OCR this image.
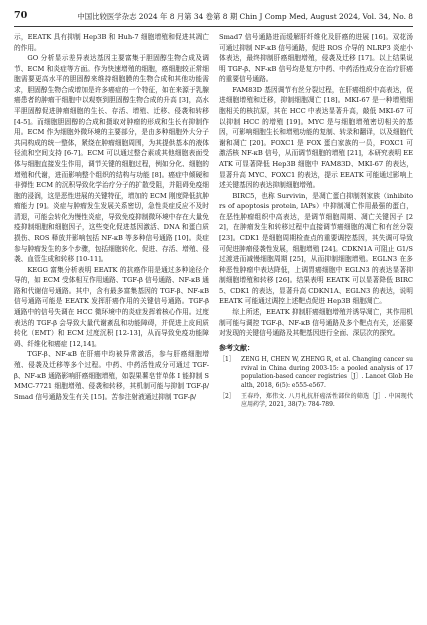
70	中国比较医学杂志 2024 年 8 月第 34 卷第 8 期 Chin J Comp Med, August 2024, Vol. 34, No. 8

示，EEATK 具有抑制 Hep3B 和 Huh-7 细胞增殖和促进其凋亡的作用。

GO 分析显示差异表达基因主要富集于胆固醇生物合成及调节、ECM 和炎症等方面。作为快速增殖的细胞，癌细胞较正常细胞需要更高水平的胆固醇来维持细胞膜的生物合成和其他功能需求，胆固醇生物合成增加是许多癌症的一个特征，如在来源于乳腺癌患者的肿瘤干细胞中以观察到胆固醇生物合成的升高 [3]，高水平胆固醇促进肿瘤细胞的生长、存活、增殖、迁移、侵袭和转移 [4-5]。而细胞胆固醇的合成和摄取对肿瘤的形成和生长有抑制作用。ECM 作为细胞外微环境的主要部分，是由多种细胞外大分子共同构成的统一整体，紧绕在肿瘤细胞周围，为其提供基本的液体径流和空间支持 [6-7]。ECM 可以通过整合素或其他细胞表面受体与细胞直接发生作用，调节关键的细胞过程，例如分化、细胞的增殖和代谢，进而影响整个组织的结构与功能 [8]。癌症中倾硬和非弹性 ECM 的沉积导致化学治疗分子的扩散受阻，并阻碍免疫细胞的浸润，这是恶性进展的关键特征，增加的 ECM 刚度降低抗肿瘤能力 [9]。炎症与肿瘤发生发展关系密切，急性炎症反应不及时清退，可能会转化为慢性炎症，导致免疫抑制微环境中存在大量免疫抑制细胞和细胞因子，这些变化促进基因激活、DNA 和蛋白质损伤、ROS 释放并影响包括 NF-κB 等多种信号通路 [10]。炎症参与肿瘤发生的多个步骤，包括细胞转化、促进、存活、增殖、侵袭、血管生成和转移 [10-11]。

KEGG 富集分析表明 EEATK 的抗癌作用是通过多种途径介导的，如 ECM 受体相互作用通路、TGF-β 信号通路、NF-κB 通路和代谢信号通路。其中，含有最多富集基因的 TGF-β、NF-κB 信号通路可能是 EEATK 发挥肝癌作用的关键信号通路。TGF-β 通路中的信号失调在 HCC 微环境中的炎症发挥着核心作用。过度表达的 TGF-β 会导致大量代谢紊乱和功能障碍，并促进上皮间质转化（EMT）和 ECM 过度沉积 [12-13]，从而导致免疫功能障碍、纤维化和癌症 [12,14]。

TGF-β、NF-κB 在肝癌中均被异常激活，参与肝癌细胞增殖、侵袭及迁移等多个过程。中药、中药活性成分可通过 TGF-β、NF-κB 通路影响肝癌细胞增殖，如裂果薯皂苷单体 I 能抑制 SMMC-7721 细胞增殖、侵袭和转移，其机制可能与抑制 TGF-β/Smad 信号通路发生有关 [15]。苦参注射液通过抑制 TGF-β/

Smad7 信号通路进而缓解肝纤维化及肝癌的进展 [16]。双花汤可通过抑制 NF-κB 信号通路，促进 ROS 介导的 NLRP3 炎症小体表达，最终抑制肝癌细胞增殖，侵袭及迁移 [17]。以上结果说明 TGF-β、NF-κB 信号均是复方中药、中药活性成分在治疗肝癌的重要信号通路。

FAM83D 基因调节有丝分裂过程，在肝癌组织中高表达，促进细胞增殖和迁移，抑制细胞凋亡 [18]。MKI-67 是一种增殖细胞相关的核抗原，其在 HCC 中表达显著升高，敲低 MKI-67 可以抑制 HCC 的增殖 [19]。MYC 是与细胞增殖密切相关的基因，可影响细胞生长和增殖功能的复制、转录和翻译，以及细胞代谢和凋亡 [20]。FOXC1 是 FOX 蛋白家族的一员，FOXC1 可激活核 NF-κB 信号，从而调节细胞的增殖 [21]，本研究表明 EEATK 可显著降低 Hep3B 细胞中 FAM83D、MKI-67 的表达，显著升高 MYC、FOXC1 的表达，提示 EEATK 可能通过影响上述关键基因的表达抑制细胞增殖。

BIRC5，也称 Survivin，是凋亡蛋白抑制剂家族（inhibitors of apoptosis protein, IAPs）中抑制凋亡作用最强的蛋白，在恶性肿瘤组织中高表达，是调节细胞周期、凋亡关键因子 [22]，在肿瘤发生和转移过程中直接调节癌细胞的凋亡和有丝分裂 [23]。CDK1 是细胞周期检查点的重要调控基因，其失调可导致可促进肿瘤侵袭性发展，细胞增殖 [24]。CDKN1A 可阻止 G1/S 过渡进而减慢细胞周期 [25]，从而抑制细胞增殖。EGLN3 在多种恶性肿瘤中表达降低，上调胃癌细胞中 EGLN3 的表达显著抑制细胞增殖和转移 [26]。结果表明 EEATK 可以显著降低 BIRC5、CDK1 的表达，显著升高 CDKN1A、EGLN3 的表达，说明 EEATK 可能通过调控上述靶点促进 Hep3B 细胞凋亡。

综上所述，EEATK 抑制肝癌细胞增殖并诱导凋亡，其作用机制可能与调控 TGF-β、NF-κB 信号通路及多个靶点有关，还需要对发现的关键信号通路及其靶基因进行全面、深层次的探究。

参考文献：
［1］	ZENG H, CHEN W, ZHENG R, et al. Changing cancer survival in China during 2003-15: a pooled analysis of 17 population-based cancer registries［J］. Lancet Glob Health, 2018, 6(5): e555-e567.
［2］	王春玲，郑伟文. 八月札抗肝癌活性部位的筛选［J］. 中国现代应用药学, 2021, 38(7): 784-789.
